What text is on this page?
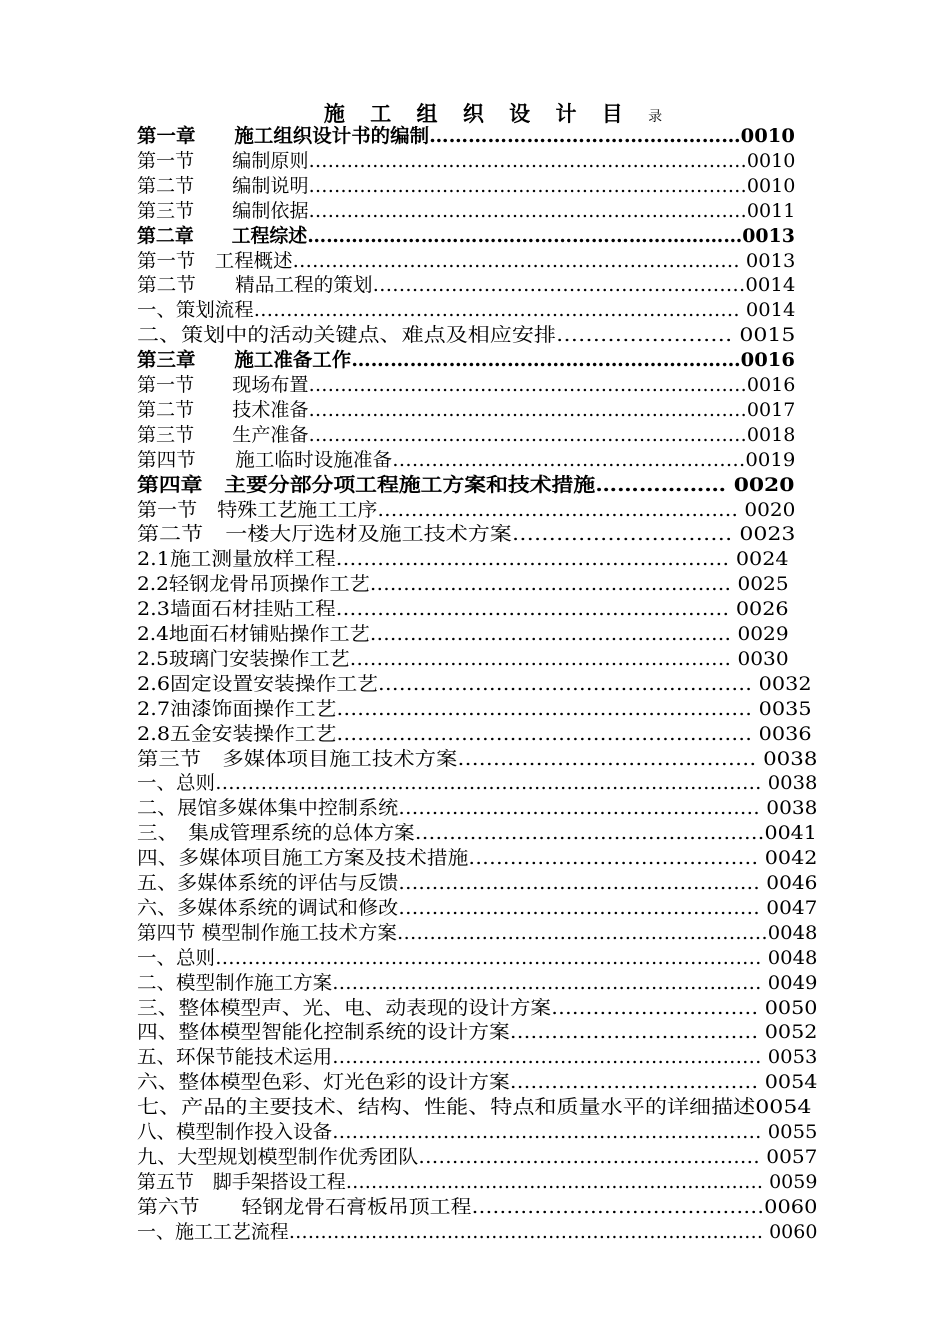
施 工 组 织 设 计 目 录
第一章　　施工组织设计书的编制…………………………………………0010
第一节　　编制原则……………………………………………………………0010
第二节　　编制说明……………………………………………………………0010
第三节　　编制依据……………………………………………………………0011
第二章　　工程综述……………………………………………………………0013
第一节　工程概述…………………………………………………………… 0013
第二节　　精品工程的策划…………………………………………………0014
一、策划流程………………………………………………………………… 0014
二、策划中的活动关键点、难点及相应安排…………………… 0015
第三章　　施工准备工作……………………………………………………0016
第一节　　现场布置……………………………………………………………0016
第二节　　技术准备……………………………………………………………0017
第三节　　生产准备……………………………………………………………0018
第四节　　施工临时设施准备………………………………………………0019
第四章　主要分部分项工程施工方案和技术措施……………… 0020
第一节　特殊工艺施工工序……………………………………………… 0020
第二节　一楼大厅选材及施工技术方案………………………… 0023
2.1施工测量放样工程………………………………………………… 0024
2.2轻钢龙骨吊顶操作工艺……………………………………………… 0025
2.3墙面石材挂贴工程………………………………………………… 0026
2.4地面石材铺贴操作工艺……………………………………………… 0029
2.5玻璃门安装操作工艺………………………………………………… 0030
2.6固定设置安装操作工艺……………………………………………… 0032
2.7油漆饰面操作工艺…………………………………………………… 0035
2.8五金安装操作工艺…………………………………………………… 0036
第三节　多媒体项目施工技术方案…………………………………… 0038
一、总则………………………………………………………………………… 0038
二、展馆多媒体集中控制系统……………………………………………… 0038
三、　集成管理系统的总体方案……………………………………………0041
四、多媒体项目施工方案及技术措施…………………………………… 0042
五、多媒体系统的评估与反馈……………………………………………… 0046
六、多媒体系统的调试和修改……………………………………………… 0047
第四节 模型制作施工技术方案…………………………………………………0048
一、总则………………………………………………………………………… 0048
二、模型制作施工方案………………………………………………………… 0049
三、整体模型声、光、电、动表现的设计方案………………………… 0050
四、整体模型智能化控制系统的设计方案……………………………… 0052
五、环保节能技术运用………………………………………………………… 0053
六、整体模型色彩、灯光色彩的设计方案……………………………… 0054
七、产品的主要技术、结构、性能、特点和质量水平的详细描述0054
八、模型制作投入设备………………………………………………………… 0055
九、大型规划模型制作优秀团队…………………………………………… 0057
第五节　脚手架搭设工程………………………………………………………… 0059
第六节　　轻钢龙骨石膏板吊顶工程……………………………………0060
一、施工工艺流程………………………………………………………………… 0060
